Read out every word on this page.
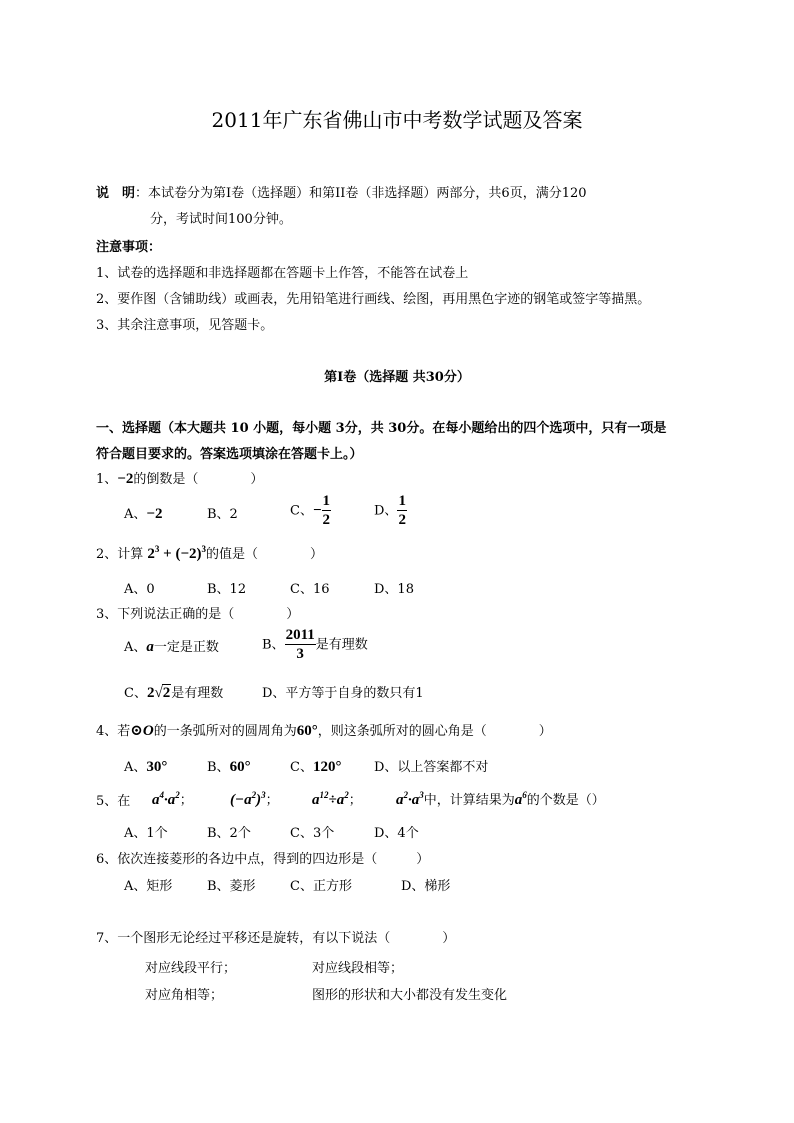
2011年广东省佛山市中考数学试题及答案
说　明：本试卷分为第Ⅰ卷（选择题）和第II卷（非选择题）两部分，共6页，满分120
分，考试时间100分钟。
注意事项：
1、试卷的选择题和非选择题都在答题卡上作答，不能答在试卷上
2、要作图（含铺助线）或画表，先用铅笔进行画线、绘图，再用黑色字迹的钢笔或签字等描黑。
3、其余注意事项，见答题卡。
第Ⅰ卷（选择题 共30分）
一、选择题（本大题共 10 小题，每小题 3分，共 30分。在每小题给出的四个选项中，只有一项是
符合题目要求的。答案选项填涂在答题卡上。）
1、−2的倒数是（　　　　）
A、−2	B、2	C、− $\frac{1}{2}$	D、 $\frac{1}{2}$
2、计算 $2^3 + (-2)^3$的值是（　　　　）
A、0	B、12	C、16	D、18
3、下列说法正确的是（　　　　）
A、a一定是正数	B、 $\frac{2011}{3}$ 是有理数
C、2√2是有理数	D、平方等于自身的数只有1
4、若⊙O的一条弧所对的圆周角为60°，则这条弧所对的圆心角是（　　　　）
A、30°	B、60°	C、120°	D、以上答案都不对
5、在 $a^4\cdot a^2$； $(-a^2)^3$； $a^{12}\div a^2$； $a^2\cdot a^3$中，计算结果为$a^6$的个数是（）
A、1个	B、2个	C、3个	D、4个
6、依次连接菱形的各边中点，得到的四边形是（　　　）
A、矩形	B、菱形	C、正方形	D、梯形
7、一个图形无论经过平移还是旋转，有以下说法（　　　　）
对应线段平行；	对应线段相等；
对应角相等；	图形的形状和大小都没有发生变化
